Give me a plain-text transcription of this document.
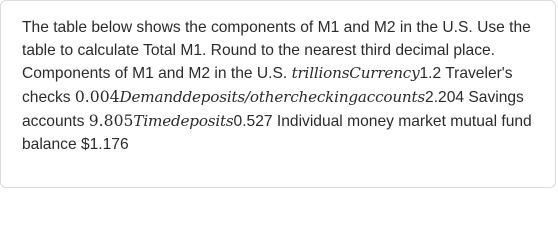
The table below shows the components of M1 and M2 in the U.S. Use the table to calculate Total M1. Round to the nearest third decimal place. Components of M1 and M2 in the U.S. trillionsCurrency1.2 Traveler's checks 0.004Demanddeposits/othercheckingaccounts2.204 Savings accounts 9.805Timedeposits0.527 Individual money market mutual fund balance $1.176
